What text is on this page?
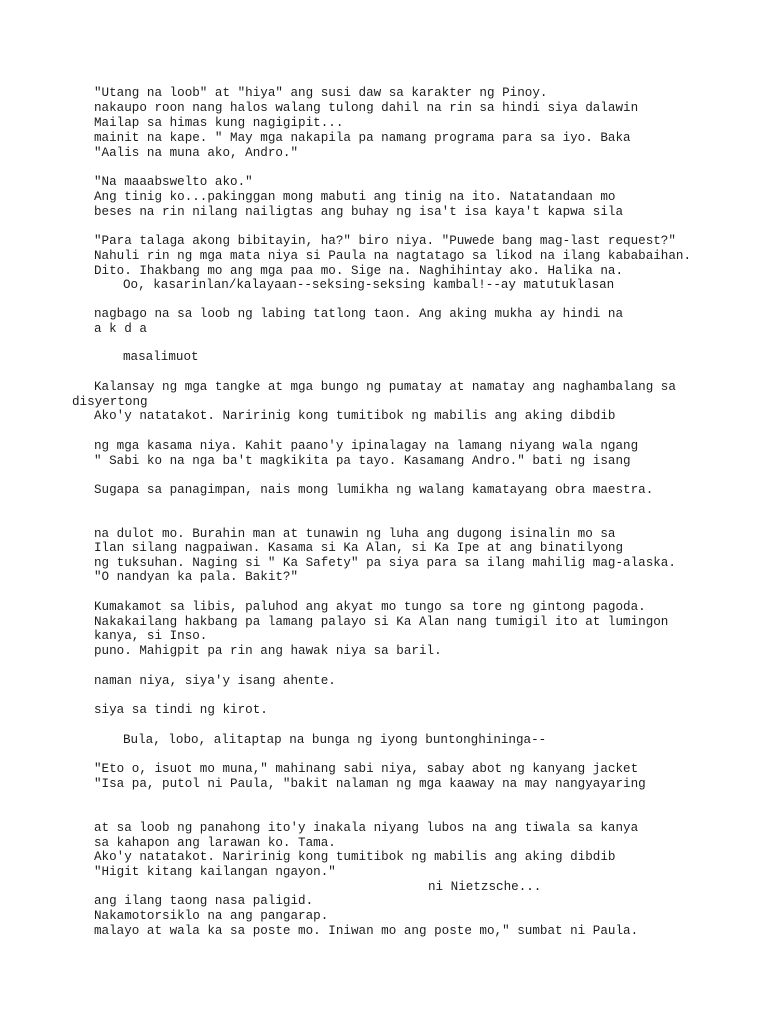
"Utang na loob" at "hiya" ang susi daw sa karakter ng Pinoy.
nakaupo roon nang halos walang tulong dahil na rin sa hindi siya dalawin
Mailap sa himas kung nagigipit...
mainit na kape. " May mga nakapila pa namang programa para sa iyo. Baka
"Aalis na muna ako, Andro."
"Na maaabswelto ako."
Ang tinig ko...pakinggan mong mabuti ang tinig na ito. Natatandaan mo
beses na rin nilang nailigtas ang buhay ng isa't isa kaya't kapwa sila
"Para talaga akong bibitayin, ha?" biro niya. "Puwede bang mag-last request?"
Nahuli rin ng mga mata niya si Paula na nagtatago sa likod na ilang kababaihan.
Dito. Ihakbang mo ang mga paa mo. Sige na. Naghihintay ako. Halika na.
Oo, kasarinlan/kalayaan--seksing-seksing kambal!--ay matutuklasan
nagbago na sa loob ng labing tatlong taon. Ang aking mukha ay hindi na
a k d a
masalimuot
Kalansay ng mga tangke at mga bungo ng pumatay at namatay ang naghambalang sa
disyertong
Ako'y natatakot. Naririnig kong tumitibok ng mabilis ang aking dibdib
ng mga kasama niya. Kahit paano'y ipinalagay na lamang niyang wala ngang
" Sabi ko na nga ba't magkikita pa tayo. Kasamang Andro." bati ng isang
Sugapa sa panagimpan, nais mong lumikha ng walang kamatayang obra maestra.
na dulot mo. Burahin man at tunawin ng luha ang dugong isinalin mo sa
Ilan silang nagpaiwan. Kasama si Ka Alan, si Ka Ipe at ang binatilyong
ng tuksuhan. Naging si " Ka Safety" pa siya para sa ilang mahilig mag-alaska.
"O nandyan ka pala. Bakit?"
Kumakamot sa libis, paluhod ang akyat mo tungo sa tore ng gintong pagoda.
Nakakailang hakbang pa lamang palayo si Ka Alan nang tumigil ito at lumingon
kanya, si Inso.
puno. Mahigpit pa rin ang hawak niya sa baril.
naman niya, siya'y isang ahente.
siya sa tindi ng kirot.
Bula, lobo, alitaptap na bunga ng iyong buntonghininga--
"Eto o, isuot mo muna," mahinang sabi niya, sabay abot ng kanyang jacket
"Isa pa, putol ni Paula, "bakit nalaman ng mga kaaway na may nangyayaring
at sa loob ng panahong ito'y inakala niyang lubos na ang tiwala sa kanya
sa kahapon ang larawan ko. Tama.
Ako'y natatakot. Naririnig kong tumitibok ng mabilis ang aking dibdib
"Higit kitang kailangan ngayon."
ni Nietzsche...
ang ilang taong nasa paligid.
Nakamotorsiklo na ang pangarap.
malayo at wala ka sa poste mo. Iniwan mo ang poste mo," sumbat ni Paula.
